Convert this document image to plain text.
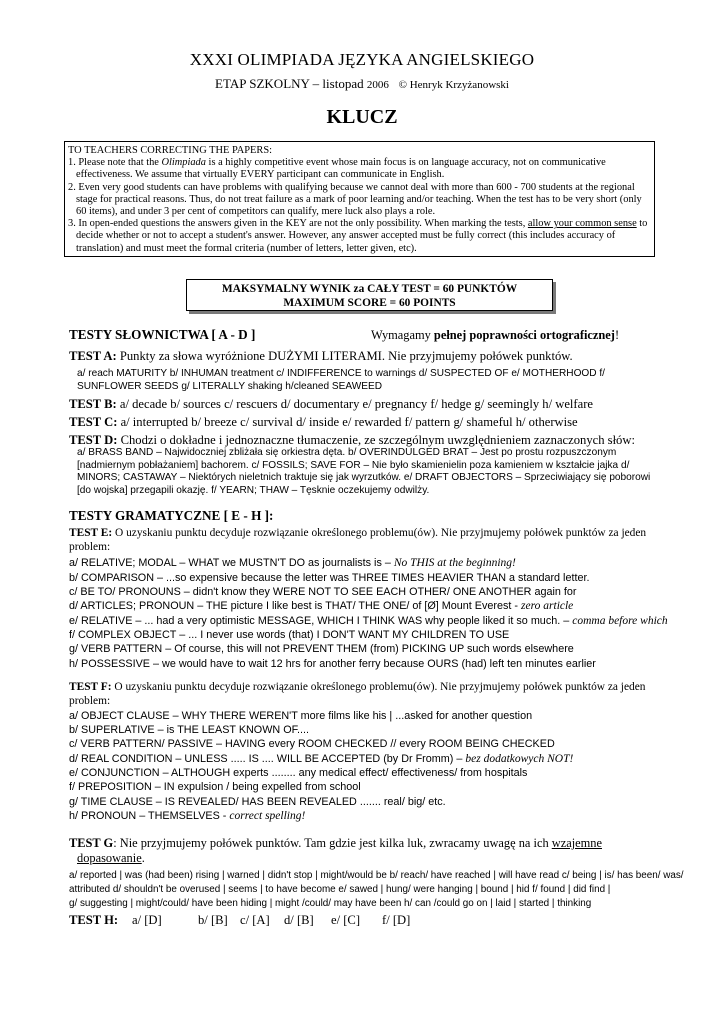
XXXI OLIMPIADA JĘZYKA ANGIELSKIEGO
ETAP SZKOLNY – listopad 2006 © Henryk Krzyżanowski
KLUCZ
TO TEACHERS CORRECTING THE PAPERS:
1. Please note that the Olimpiada is a highly competitive event whose main focus is on language accuracy, not on communicative effectiveness. We assume that virtually EVERY participant can communicate in English.
2. Even very good students can have problems with qualifying because we cannot deal with more than 600 - 700 students at the regional stage for practical reasons. Thus, do not treat failure as a mark of poor learning and/or teaching. When the test has to be very short (only 60 items), and under 3 per cent of competitors can qualify, mere luck also plays a role.
3. In open-ended questions the answers given in the KEY are not the only possibility. When marking the tests, allow your common sense to decide whether or not to accept a student's answer. However, any answer accepted must be fully correct (this includes accuracy of translation) and must meet the formal criteria (number of letters, letter given, etc).
MAKSYMALNY WYNIK za CAŁY TEST = 60 PUNKTÓW
MAXIMUM SCORE = 60 POINTS
TESTY SŁOWNICTWA [ A - D ]	Wymagamy pełnej poprawności ortograficznej!
TEST A: Punkty za słowa wyróżnione DUŻYMI LITERAMI. Nie przyjmujemy połówek punktów.
a/ reach MATURITY b/ INHUMAN treatment c/ INDIFFERENCE to warnings d/ SUSPECTED OF e/ MOTHERHOOD f/
SUNFLOWER SEEDS g/ LITERALLY shaking h/cleaned SEAWEED
TEST B: a/ decade b/ sources c/ rescuers d/ documentary e/ pregnancy f/ hedge g/ seemingly h/ welfare
TEST C: a/ interrupted b/ breeze c/ survival d/ inside e/ rewarded f/ pattern g/ shameful h/ otherwise
TEST D: Chodzi o dokładne i jednoznaczne tłumaczenie, ze szczególnym uwzględnieniem zaznaczonych słów:
a/ BRASS BAND – Najwidoczniej zbliżała się orkiestra dęta. b/ OVERINDULGED BRAT – Jest po prostu rozpuszczonym [nadmiernym pobłażaniem] bachorem. c/ FOSSILS; SAVE FOR – Nie było skamienielin poza kamieniem w kształcie jajka d/ MINORS; CASTAWAY – Niektórych nieletnich traktuje się jak wyrzutków. e/ DRAFT OBJECTORS – Sprzeciwiający się poborowi [do wojska] przegapili okazję. f/ YEARN; THAW – Tęsknie oczekujemy odwilży.
TESTY GRAMATYCZNE [ E - H ]:
TEST E: O uzyskaniu punktu decyduje rozwiązanie określonego problemu(ów). Nie przyjmujemy połówek punktów za jeden problem:
a/ RELATIVE; MODAL – WHAT we MUSTN'T DO as journalists is – No THIS at the beginning!
b/ COMPARISON – ...so expensive because the letter was THREE TIMES HEAVIER THAN a standard letter.
c/ BE TO/ PRONOUNS – didn't know they WERE NOT TO SEE EACH OTHER/ ONE ANOTHER again for
d/ ARTICLES; PRONOUN – THE picture I like best is THAT/ THE ONE/ of [Ø] Mount Everest - zero article
e/ RELATIVE – ... had a very optimistic MESSAGE, WHICH I THINK WAS why people liked it so much. – comma before which
f/ COMPLEX OBJECT – ... I never use words (that) I DON'T WANT MY CHILDREN TO USE
g/ VERB PATTERN – Of course, this will not PREVENT THEM (from) PICKING UP such words elsewhere
h/ POSSESSIVE – we would have to wait 12 hrs for another ferry because OURS (had) left ten minutes earlier
TEST F: O uzyskaniu punktu decyduje rozwiązanie określonego problemu(ów). Nie przyjmujemy połówek punktów za jeden problem:
a/ OBJECT CLAUSE – WHY THERE WEREN'T more films like his | ...asked for another question
b/ SUPERLATIVE – is THE LEAST KNOWN OF....
c/ VERB PATTERN/ PASSIVE – HAVING every ROOM CHECKED // every ROOM BEING CHECKED
d/ REAL CONDITION – UNLESS ..... IS .... WILL BE ACCEPTED (by Dr Fromm) – bez dodatkowych NOT!
e/ CONJUNCTION – ALTHOUGH experts ........ any medical effect/ effectiveness/ from hospitals
f/ PREPOSITION – IN expulsion / being expelled from school
g/ TIME CLAUSE – IS REVEALED/ HAS BEEN REVEALED ....... real/ big/ etc.
h/ PRONOUN – THEMSELVES - correct spelling!
TEST G: Nie przyjmujemy połówek punktów. Tam gdzie jest kilka luk, zwracamy uwagę na ich wzajemne
dopasowanie.
a/ reported | was (had been) rising | warned | didn't stop | might/would be b/ reach/ have reached | will have read c/ being | is/ has been/ was/
attributed d/ shouldn't be overused | seems | to have become e/ sawed | hung/ were hanging | bound | hid f/ found | did find |
g/ suggesting | might/could/ have been hiding | might /could/ may have been h/ can /could go on | laid | started | thinking
TEST H: a/ [D]	b/ [B] c/ [A] d/ [B] e/ [C] f/ [D]
